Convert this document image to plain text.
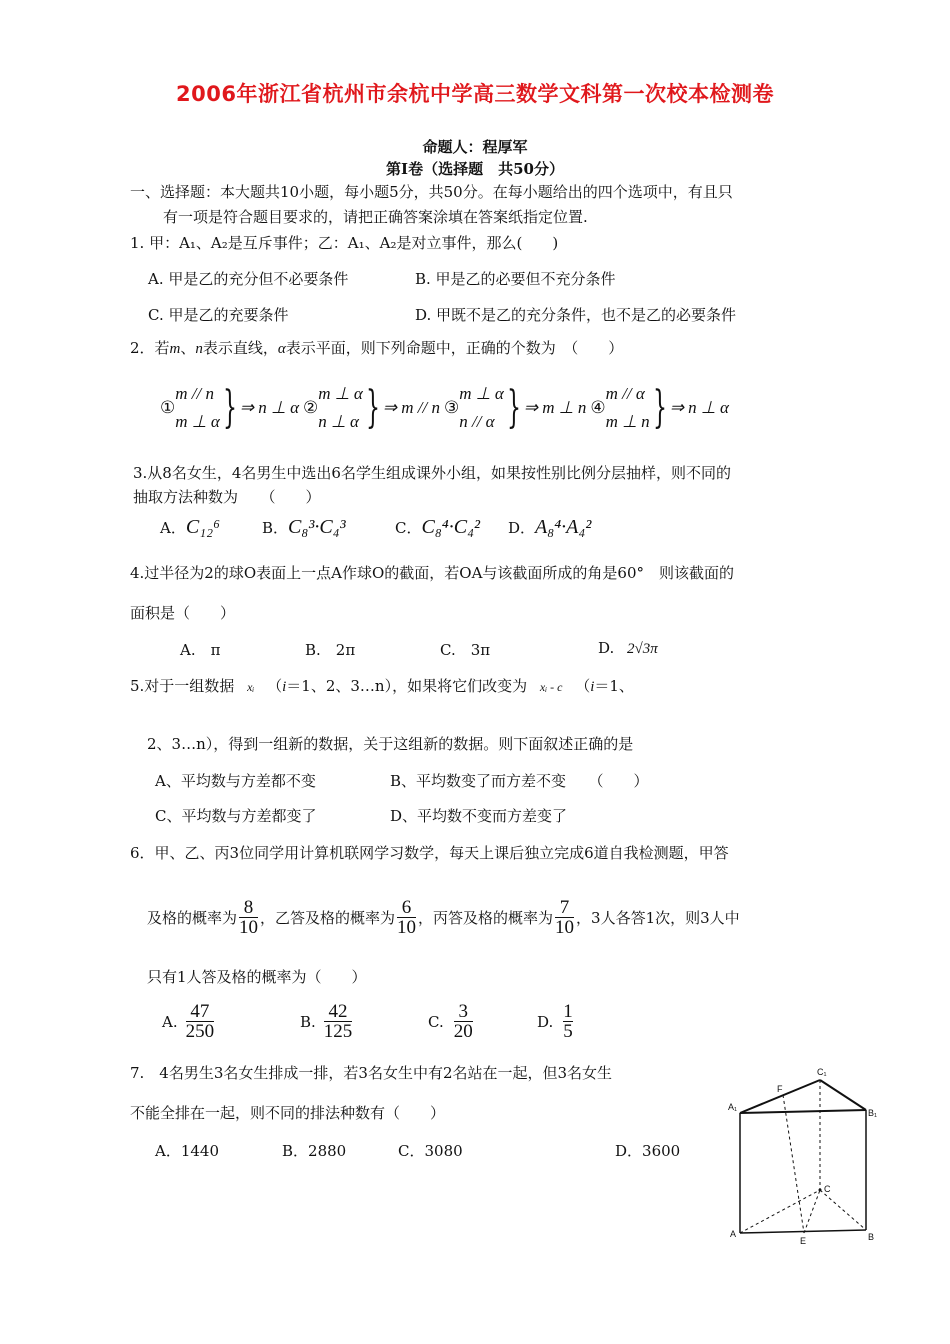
2006年浙江省杭州市余杭中学高三数学文科第一次校本检测卷
命题人：程厚军
第Ⅰ卷（选择题　共50分）
一、选择题：本大题共10小题，每小题5分，共50分。在每小题给出的四个选项中，有且只
有一项是符合题目要求的，请把正确答案涂填在答案纸指定位置.
1. 甲：A₁、A₂是互斥事件；乙：A₁、A₂是对立事件，那么(　　)
A. 甲是乙的充分但不必要条件	B. 甲是乙的必要但不充分条件
C. 甲是乙的充要条件	D. 甲既不是乙的充分条件，也不是乙的必要条件
2．若m、n表示直线，α表示平面，则下列命题中，正确的个数为　（　　）
①
m // n
m ⊥ α } ⇒ n ⊥ α ②
m ⊥ α
n ⊥ α } ⇒ m // n ③
m ⊥ α
n // α } ⇒ m ⊥ n ④
m // α
m ⊥ n } ⇒ n ⊥ α
3.从8名女生，4名男生中选出6名学生组成课外小组，如果按性别比例分层抽样，则不同的
抽取方法种数为　　（　　）
A．C₁₂⁶	B．C₈³·C₄³	C．C₈⁴·C₄² D．A₈⁴·A₄²
4.过半径为2的球O表面上一点A作球O的截面，若OA与该截面所成的角是60°　则该截面的
面积是（　　）
A.　π	B.　2π	C.　3π	D. 2√3π
5.对于一组数据 xᵢ （i＝1、2、3…n），如果将它们改变为 xᵢ - c （i＝1、
2、3…n），得到一组新的数据，关于这组新的数据。则下面叙述正确的是
A、平均数与方差都不变	B、平均数变了而方差不变　　（　　）
C、平均数与方差都变了	D、平均数不变而方差变了
6．甲、乙、丙3位同学用计算机联网学习数学，每天上课后独立完成6道自我检测题，甲答
及格的概率为 $\frac{8}{10}$ ，乙答及格的概率为 $\frac{6}{10}$ ，丙答及格的概率为 $\frac{7}{10}$ ，3人各答1次，则3人中
只有1人答及格的概率为（　　）
A. $\frac{47}{250}$	B. $\frac{42}{125}$	C. $\frac{3}{20}$	D. $\frac{1}{5}$
7.　4名男生3名女生排成一排，若3名女生中有2名站在一起，但3名女生
不能全排在一起，则不同的排法种数有（　　）
A．1440	B．2880	C．3080	D．3600
A₁
B₁
C₁
F
A	B
C
E
